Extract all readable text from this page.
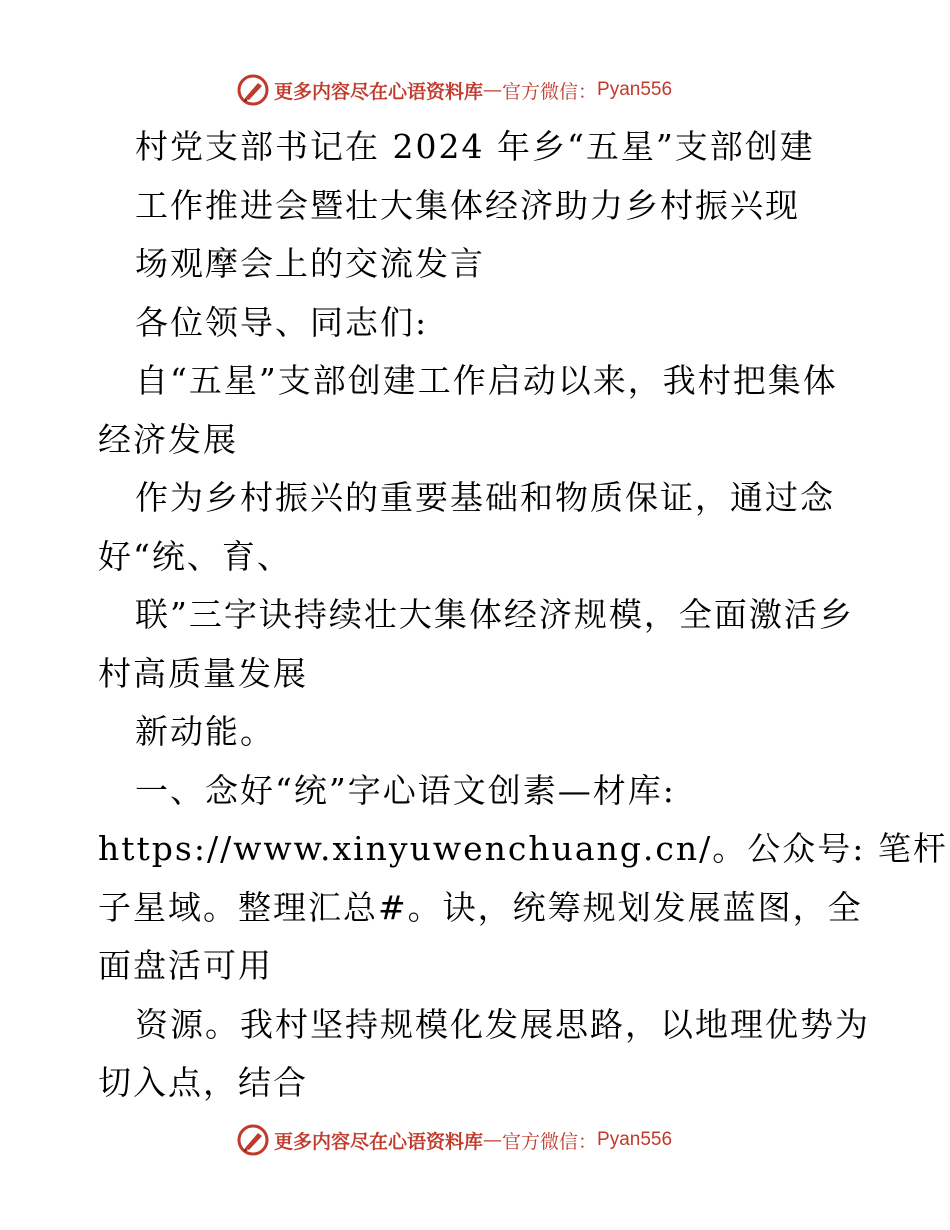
更多内容尽在心语资料库 — 官方微信： Pyan556
村党支部书记在 2024 年乡“五星”支部创建
工作推进会暨壮大集体经济助力乡村振兴现
场观摩会上的交流发言
各位领导、同志们:
自“五星”支部创建工作启动以来，我村把集体
经济发展
作为乡村振兴的重要基础和物质保证，通过念
好“统、育、
联”三字诀持续壮大集体经济规模，全面激活乡
村高质量发展
新动能。
一、念好“统”字心语文创素—材库:
https://www.xinyuwenchuang.cn/。公众号: 笔杆
子星域。整理汇总#。诀，统筹规划发展蓝图，全
面盘活可用
资源。我村坚持规模化发展思路，以地理优势为
切入点，结合
更多内容尽在心语资料库 — 官方微信： Pyan556
